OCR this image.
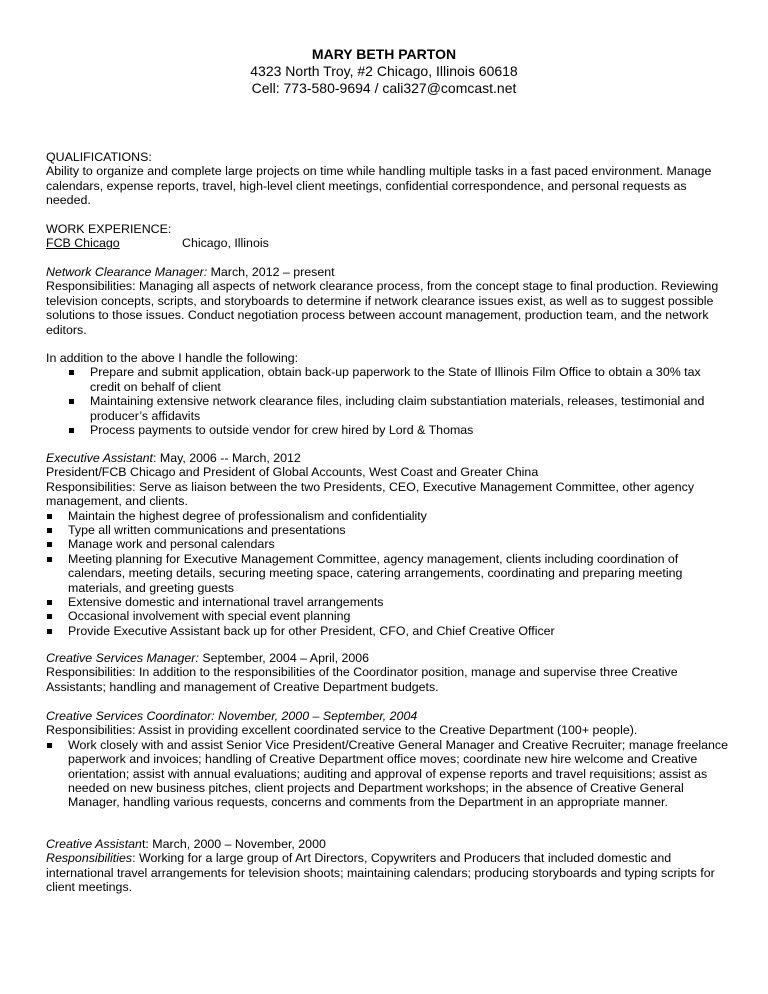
MARY BETH PARTON
4323 North Troy, #2 Chicago, Illinois 60618
Cell: 773-580-9694 / cali327@comcast.net

QUALIFICATIONS:

Ability to organize and complete large projects on time while handling multiple tasks in a fast paced environment. Manage calendars, expense reports, travel, high-level client meetings, confidential correspondence, and personal requests as needed.

WORK EXPERIENCE:

FCB Chicago	Chicago, Illinois

Network Clearance Manager: March, 2012 – present

Responsibilities: Managing all aspects of network clearance process, from the concept stage to final production. Reviewing television concepts, scripts, and storyboards to determine if network clearance issues exist, as well as to suggest possible solutions to those issues. Conduct negotiation process between account management, production team, and the network editors.

In addition to the above I handle the following:

Prepare and submit application, obtain back-up paperwork to the State of Illinois Film Office to obtain a 30% tax credit on behalf of client
Maintaining extensive network clearance files, including claim substantiation materials, releases, testimonial and producer’s affidavits
Process payments to outside vendor for crew hired by Lord & Thomas

Executive Assistant: May, 2006 -- March, 2012

President/FCB Chicago and President of Global Accounts, West Coast and Greater China

Responsibilities: Serve as liaison between the two Presidents, CEO, Executive Management Committee, other agency management, and clients.

Maintain the highest degree of professionalism and confidentiality
Type all written communications and presentations
Manage work and personal calendars
Meeting planning for Executive Management Committee, agency management, clients including coordination of calendars, meeting details, securing meeting space, catering arrangements, coordinating and preparing meeting materials, and greeting guests
Extensive domestic and international travel arrangements
Occasional involvement with special event planning
Provide Executive Assistant back up for other President, CFO, and Chief Creative Officer

Creative Services Manager: September, 2004 – April, 2006

Responsibilities: In addition to the responsibilities of the Coordinator position, manage and supervise three Creative Assistants; handling and management of Creative Department budgets.

Creative Services Coordinator: November, 2000 – September, 2004

Responsibilities: Assist in providing excellent coordinated service to the Creative Department (100+ people).

Work closely with and assist Senior Vice President/Creative General Manager and Creative Recruiter; manage freelance paperwork and invoices; handling of Creative Department office moves; coordinate new hire welcome and Creative orientation; assist with annual evaluations; auditing and approval of expense reports and travel requisitions; assist as needed on new business pitches, client projects and Department workshops; in the absence of Creative General Manager, handling various requests, concerns and comments from the Department in an appropriate manner.

Creative Assistant: March, 2000 – November, 2000

Responsibilities: Working for a large group of Art Directors, Copywriters and Producers that included domestic and international travel arrangements for television shoots; maintaining calendars; producing storyboards and typing scripts for client meetings.
